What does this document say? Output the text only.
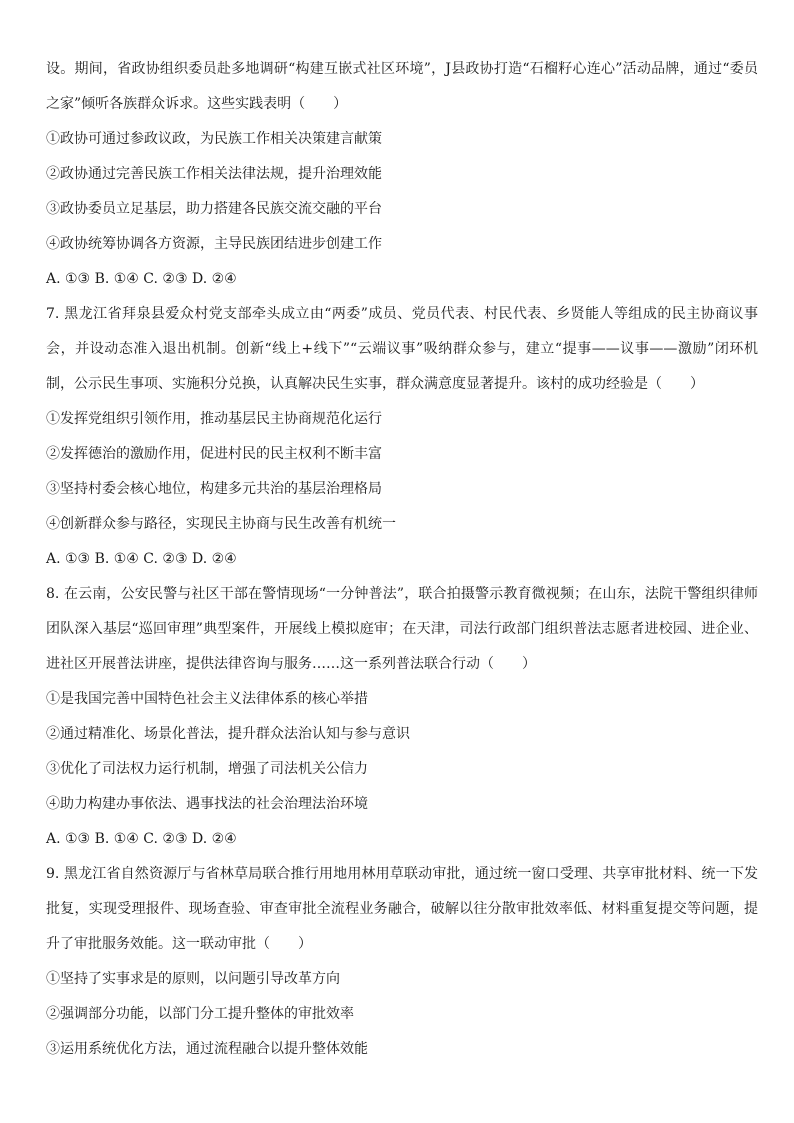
设。期间，省政协组织委员赴多地调研“构建互嵌式社区环境”，J县政协打造“石榴籽心连心”活动品牌，通过“委员之家”倾听各族群众诉求。这些实践表明（　　）

①政协可通过参政议政，为民族工作相关决策建言献策

②政协通过完善民族工作相关法律法规，提升治理效能

③政协委员立足基层，助力搭建各民族交流交融的平台

④政协统筹协调各方资源，主导民族团结进步创建工作

A. ①③ B. ①④ C. ②③ D. ②④

7. 黑龙江省拜泉县爱众村党支部牵头成立由“两委”成员、党员代表、村民代表、乡贤能人等组成的民主协商议事会，并设动态准入退出机制。创新“线上+线下”“云端议事”吸纳群众参与，建立“提事——议事——激励”闭环机制，公示民生事项、实施积分兑换，认真解决民生实事，群众满意度显著提升。该村的成功经验是（　　）

①发挥党组织引领作用，推动基层民主协商规范化运行

②发挥德治的激励作用，促进村民的民主权利不断丰富

③坚持村委会核心地位，构建多元共治的基层治理格局

④创新群众参与路径，实现民主协商与民生改善有机统一

A. ①③ B. ①④ C. ②③ D. ②④

8. 在云南，公安民警与社区干部在警情现场“一分钟普法”，联合拍摄警示教育微视频；在山东，法院干警组织律师团队深入基层“巡回审理”典型案件，开展线上模拟庭审；在天津，司法行政部门组织普法志愿者进校园、进企业、进社区开展普法讲座，提供法律咨询与服务……这一系列普法联合行动（　　）

①是我国完善中国特色社会主义法律体系的核心举措

②通过精准化、场景化普法，提升群众法治认知与参与意识

③优化了司法权力运行机制，增强了司法机关公信力

④助力构建办事依法、遇事找法的社会治理法治环境

A. ①③ B. ①④ C. ②③ D. ②④

9. 黑龙江省自然资源厅与省林草局联合推行用地用林用草联动审批，通过统一窗口受理、共享审批材料、统一下发批复，实现受理报件、现场查验、审查审批全流程业务融合，破解以往分散审批效率低、材料重复提交等问题，提升了审批服务效能。这一联动审批（　　）

①坚持了实事求是的原则，以问题引导改革方向

②强调部分功能，以部门分工提升整体的审批效率

③运用系统优化方法，通过流程融合以提升整体效能
